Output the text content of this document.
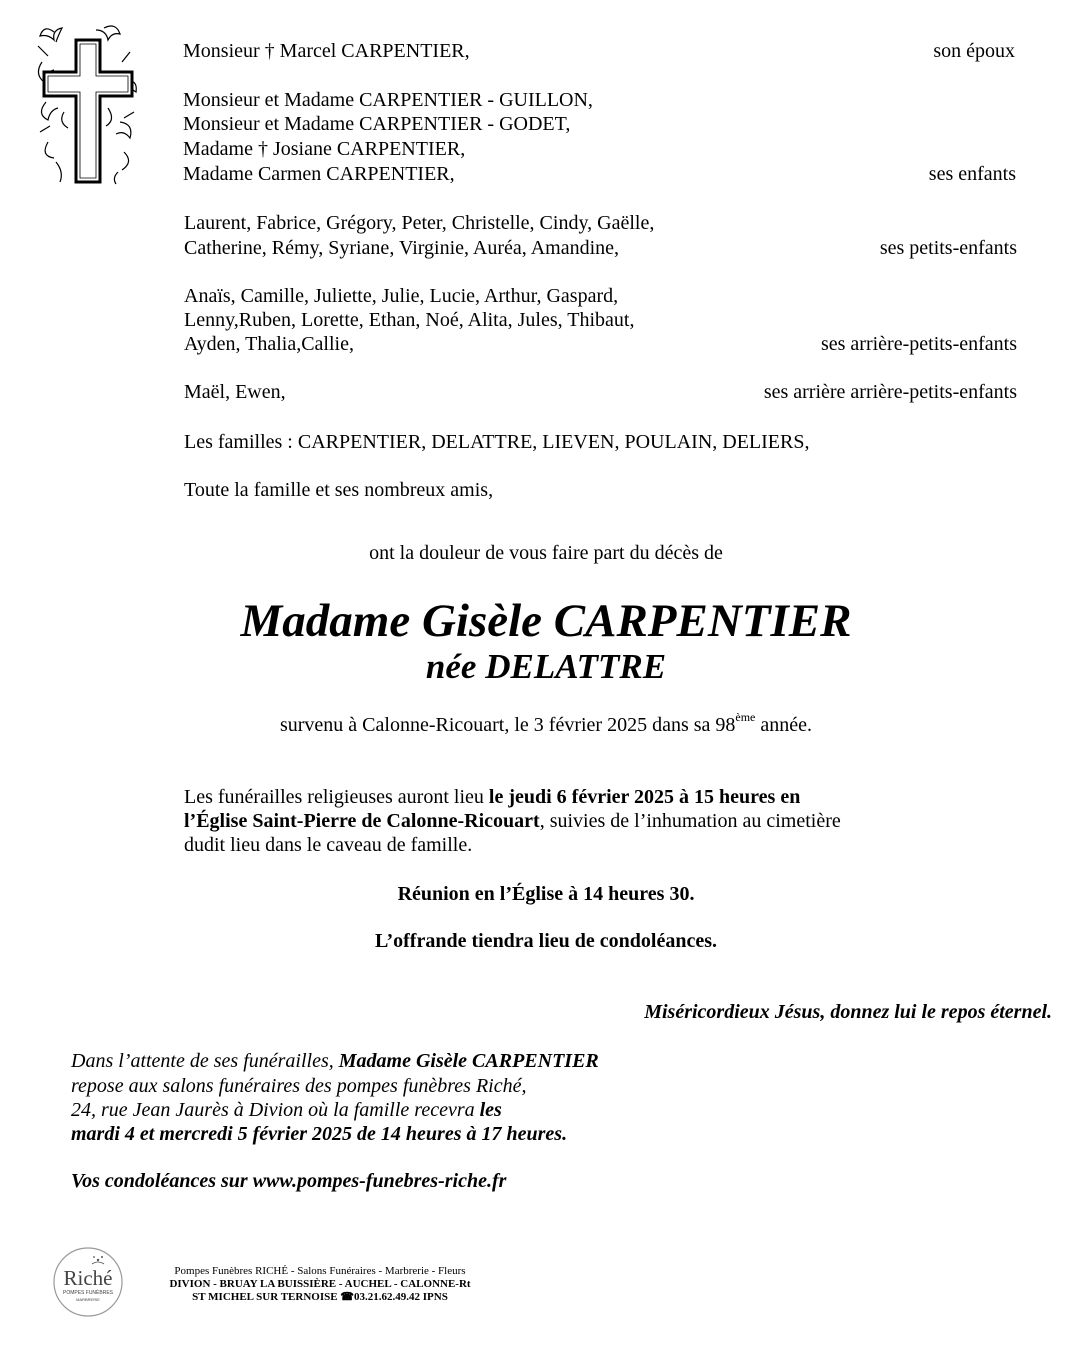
Monsieur † Marcel CARPENTIER,	son époux
Monsieur et Madame CARPENTIER - GUILLON,
Monsieur et Madame CARPENTIER - GODET,
Madame † Josiane CARPENTIER,
Madame Carmen CARPENTIER,	ses enfants
Laurent, Fabrice, Grégory, Peter, Christelle, Cindy, Gaëlle,
Catherine, Rémy, Syriane, Virginie, Auréa, Amandine,	ses petits-enfants
Anaïs, Camille, Juliette, Julie, Lucie, Arthur, Gaspard,
Lenny,Ruben, Lorette, Ethan, Noé, Alita, Jules, Thibaut,
Ayden, Thalia,Callie,	ses arrière-petits-enfants
Maël, Ewen,	ses arrière arrière-petits-enfants
Les familles : CARPENTIER, DELATTRE, LIEVEN, POULAIN, DELIERS,
Toute la famille et ses nombreux amis,
ont la douleur de vous faire part du décès de
Madame Gisèle CARPENTIER
née DELATTRE
survenu à Calonne-Ricouart, le 3 février 2025 dans sa 98ème année.
Les funérailles religieuses auront lieu le jeudi 6 février 2025 à 15 heures en
l’Église Saint-Pierre de Calonne-Ricouart, suivies de l’inhumation au cimetière
dudit lieu dans le caveau de famille.
Réunion en l’Église à 14 heures 30.
L’offrande tiendra lieu de condoléances.
Miséricordieux Jésus, donnez lui le repos éternel.
Dans l’attente de ses funérailles, Madame Gisèle CARPENTIER
repose aux salons funéraires des pompes funèbres Riché,
24, rue Jean Jaurès à Divion où la famille recevra les
mardi 4 et mercredi 5 février 2025 de 14 heures à 17 heures.
Vos condoléances sur www.pompes-funebres-riche.fr
Riché
POMPES FUNÈBRES
MARBRERIE
Pompes Funèbres RICHÉ - Salons Funéraires - Marbrerie - Fleurs
DIVION - BRUAY LA BUISSIÈRE - AUCHEL - CALONNE-Rt
ST MICHEL SUR TERNOISE ☎03.21.62.49.42 IPNS
